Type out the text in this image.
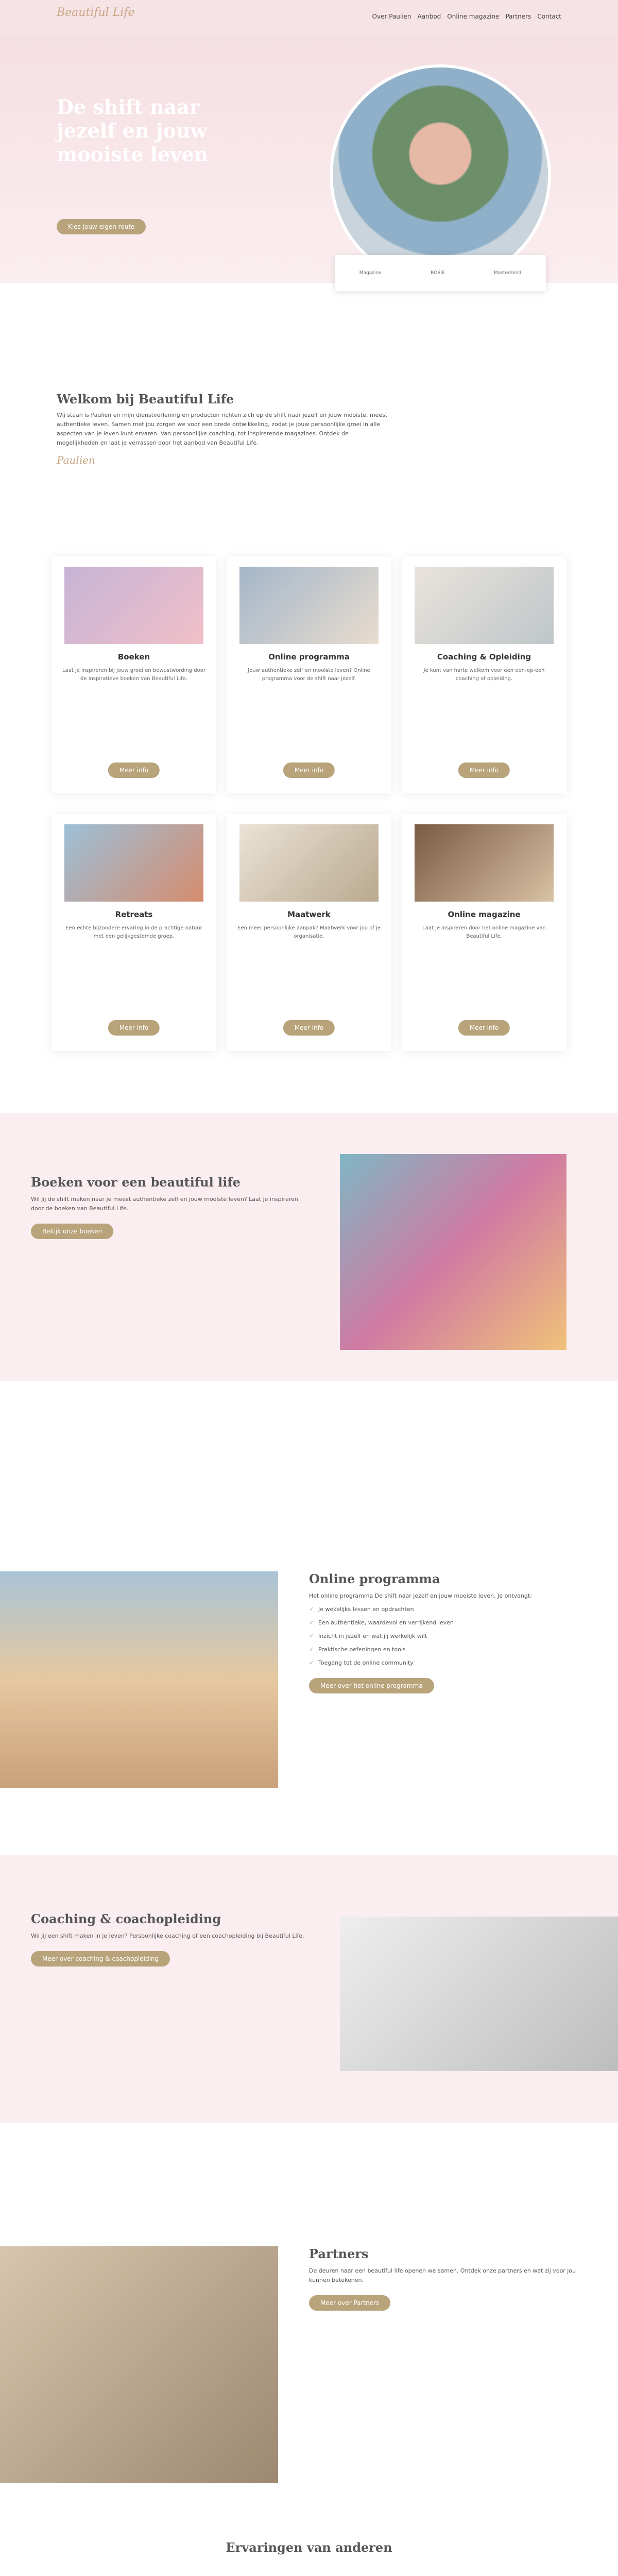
Beautiful Life	Over Paulien Aanbod Online magazine Partners Contact
De shift naar jezelf en jouw mooiste leven
Kies jouw eigen route
Magazine	ROSIE	Mastermind
Welkom bij Beautiful Life

Wij staan is Paulien en mijn dienstverlening en producten richten zich op de shift naar jezelf en jouw mooiste, meest authentieke leven. Samen met jou zorgen we voor een brede ontwikkeling, zodat je jouw persoonlijke groei in alle aspecten van je leven kunt ervaren. Van persoonlijke coaching, tot inspirerende magazines. Ontdek de mogelijkheden en laat je verrassen door het aanbod van Beautiful Life.

Paulien
Boeken

Laat je inspireren bij jouw groei en bewustwording door de inspiratieve boeken van Beautiful Life.

Meer info
Online programma

Jouw authentieke zelf en mooiste leven? Online programma voor de shift naar jezelf.

Meer info
Coaching & Opleiding

Je kunt van harte welkom voor een een-op-een coaching of opleiding.

Meer info
Retreats

Een echte bijzondere ervaring in de prachtige natuur met een gelijkgestemde groep.

Meer info
Maatwerk

Een meer persoonlijke aanpak? Maatwerk voor jou of je organisatie.

Meer info
Online magazine

Laat je inspireren door het online magazine van Beautiful Life.

Meer info
Boeken voor een beautiful life

Wil jij de shift maken naar je meest authentieke zelf en jouw mooiste leven? Laat je inspireren door de boeken van Beautiful Life.

Bekijk onze boeken
Online programma

Het online programma De shift naar jezelf en jouw mooiste leven. Je ontvangt:

✓ Je wekelijks lessen en opdrachten
✓ Een authentieke, waardevol en verrijkend leven
✓ Inzicht in jezelf en wat jij werkelijk wilt
✓ Praktische oefeningen en tools
✓ Toegang tot de online community
Meer over het online programma
Coaching & coachopleiding

Wil jij een shift maken in je leven? Persoonlijke coaching of een coachopleiding bij Beautiful Life.

Meer over coaching & coachopleiding
Partners

De deuren naar een beautiful life openen we samen. Ontdek onze partners en wat zij voor jou kunnen betekenen.

Meer over Partners
Ervaringen van anderen
